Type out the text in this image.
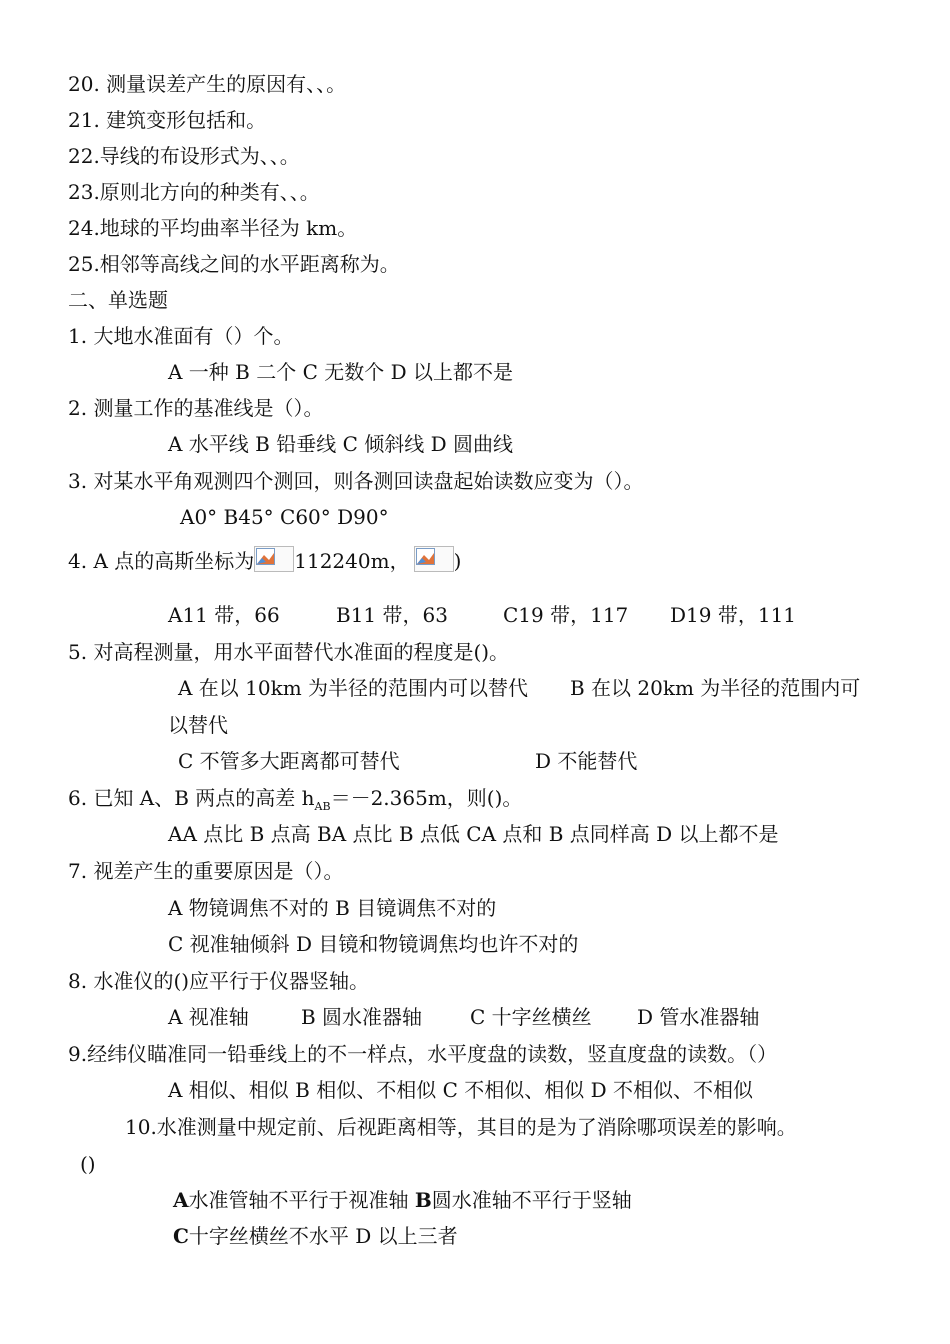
20. 测量误差产生的原因有、、。
21. 建筑变形包括和。
22.导线的布设形式为、、。
23.原则北方向的种类有、、。
24.地球的平均曲率半径为 km。
25.相邻等高线之间的水平距离称为。
二、单选题
1. 大地水准面有（）个。
A 一种 B 二个 C 无数个 D 以上都不是
2. 测量工作的基准线是（）。
A 水平线 B 铅垂线 C 倾斜线 D 圆曲线
3. 对某水平角观测四个测回，则各测回读盘起始读数应变为（）。
A0° B45° C60° D90°
4. A 点的高斯坐标为 112240m， )
A11 带，66	B11 带，63	C19 带，117 D19 带，111
5. 对高程测量，用水平面替代水准面的程度是()。
A 在以 10km 为半径的范围内可以替代 B 在以 20km 为半径的范围内可
以替代
C 不管多大距离都可替代	D 不能替代
6. 已知 A、B 两点的高差 $h_{AB}=-2.365m$，则()。
AA 点比 B 点高 BA 点比 B 点低 CA 点和 B 点同样高 D 以上都不是
7. 视差产生的重要原因是（）。
A 物镜调焦不对的 B 目镜调焦不对的
C 视准轴倾斜 D 目镜和物镜调焦均也许不对的
8. 水准仪的()应平行于仪器竖轴。
A 视准轴	B 圆水准器轴 C 十字丝横丝 D 管水准器轴
9.经纬仪瞄准同一铅垂线上的不一样点，水平度盘的读数，竖直度盘的读数。（）
A 相似、相似 B 相似、不相似 C 不相似、相似 D 不相似、不相似
10.水准测量中规定前、后视距离相等，其目的是为了消除哪项误差的影响。
()
A水准管轴不平行于视准轴 B圆水准轴不平行于竖轴
C十字丝横丝不水平 D 以上三者
